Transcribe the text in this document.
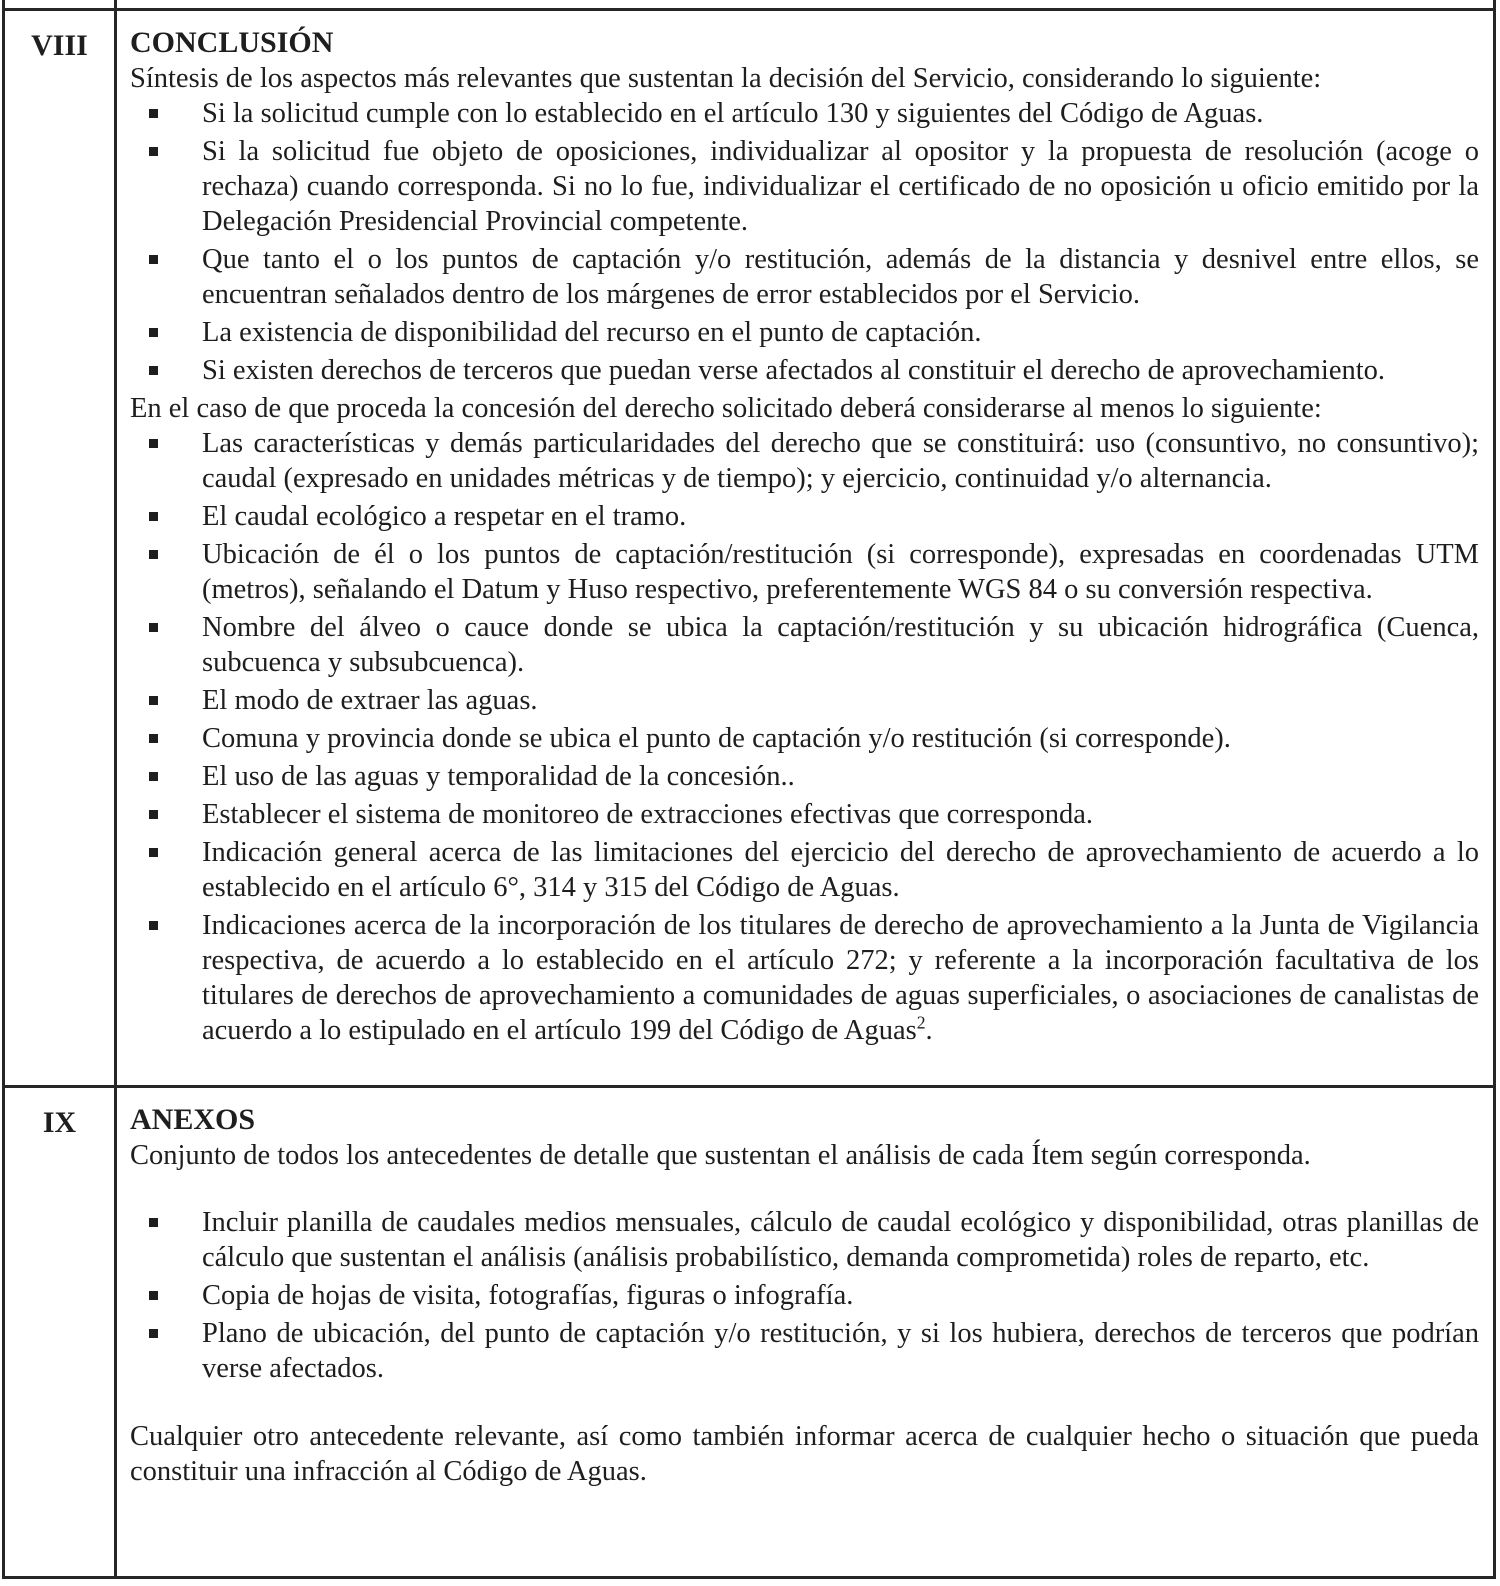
VIII	CONCLUSIÓN
Síntesis de los aspectos más relevantes que sustentan la decisión del Servicio, considerando lo siguiente:
Si la solicitud cumple con lo establecido en el artículo 130 y siguientes del Código de Aguas.
Si la solicitud fue objeto de oposiciones, individualizar al opositor y la propuesta de resolución (acoge o rechaza) cuando corresponda. Si no lo fue, individualizar el certificado de no oposición u oficio emitido por la Delegación Presidencial Provincial competente.
Que tanto el o los puntos de captación y/o restitución, además de la distancia y desnivel entre ellos, se encuentran señalados dentro de los márgenes de error establecidos por el Servicio.
La existencia de disponibilidad del recurso en el punto de captación.
Si existen derechos de terceros que puedan verse afectados al constituir el derecho de aprovechamiento.
En el caso de que proceda la concesión del derecho solicitado deberá considerarse al menos lo siguiente:
Las características y demás particularidades del derecho que se constituirá: uso (consuntivo, no consuntivo); caudal (expresado en unidades métricas y de tiempo); y ejercicio, continuidad y/o alternancia.
El caudal ecológico a respetar en el tramo.
Ubicación de él o los puntos de captación/restitución (si corresponde), expresadas en coordenadas UTM (metros), señalando el Datum y Huso respectivo, preferentemente WGS 84 o su conversión respectiva.
Nombre del álveo o cauce donde se ubica la captación/restitución y su ubicación hidrográfica (Cuenca, subcuenca y subsubcuenca).
El modo de extraer las aguas.
Comuna y provincia donde se ubica el punto de captación y/o restitución (si corresponde).
El uso de las aguas y temporalidad de la concesión..
Establecer el sistema de monitoreo de extracciones efectivas que corresponda.
Indicación general acerca de las limitaciones del ejercicio del derecho de aprovechamiento de acuerdo a lo establecido en el artículo 6°, 314 y 315 del Código de Aguas.
Indicaciones acerca de la incorporación de los titulares de derecho de aprovechamiento a la Junta de Vigilancia respectiva, de acuerdo a lo establecido en el artículo 272; y referente a la incorporación facultativa de los titulares de derechos de aprovechamiento a comunidades de aguas superficiales, o asociaciones de canalistas de acuerdo a lo estipulado en el artículo 199 del Código de Aguas$^2$.
IX	ANEXOS
Conjunto de todos los antecedentes de detalle que sustentan el análisis de cada Ítem según corresponda.
Incluir planilla de caudales medios mensuales, cálculo de caudal ecológico y disponibilidad, otras planillas de cálculo que sustentan el análisis (análisis probabilístico, demanda comprometida) roles de reparto, etc.
Copia de hojas de visita, fotografías, figuras o infografía.
Plano de ubicación, del punto de captación y/o restitución, y si los hubiera, derechos de terceros que podrían verse afectados.
Cualquier otro antecedente relevante, así como también informar acerca de cualquier hecho o situación que pueda constituir una infracción al Código de Aguas.
